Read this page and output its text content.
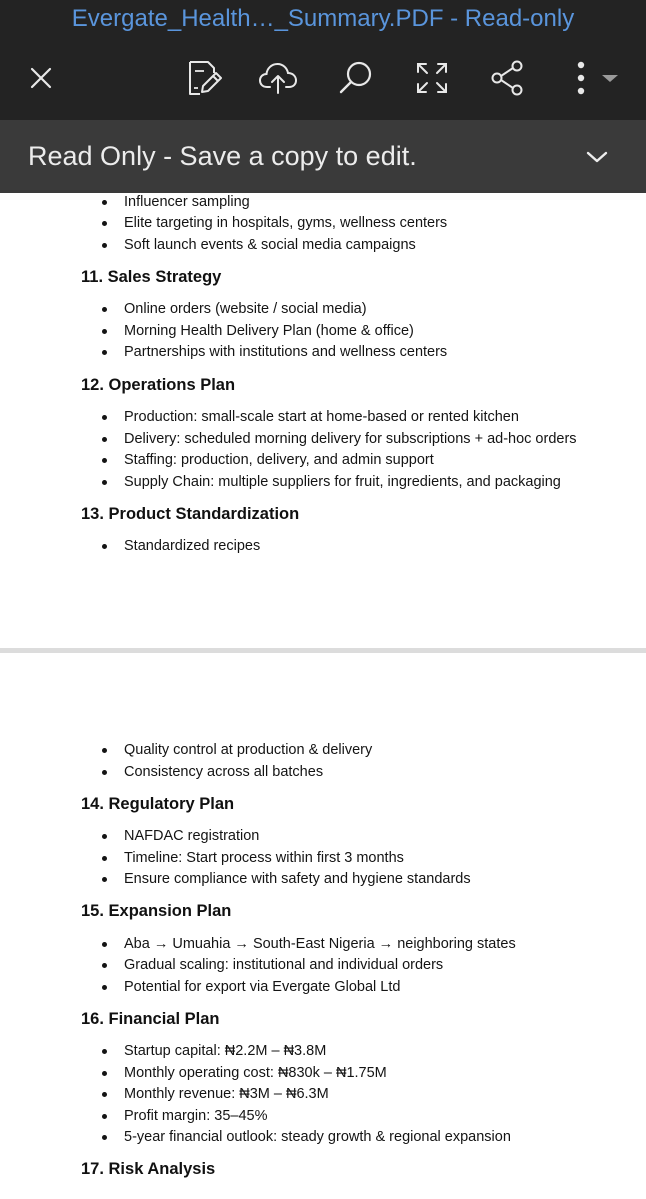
Influencer sampling
Elite targeting in hospitals, gyms, wellness centers
Soft launch events & social media campaigns
11. Sales Strategy
Online orders (website / social media)
Morning Health Delivery Plan (home & office)
Partnerships with institutions and wellness centers
12. Operations Plan
Production: small-scale start at home-based or rented kitchen
Delivery: scheduled morning delivery for subscriptions + ad-hoc orders
Staffing: production, delivery, and admin support
Supply Chain: multiple suppliers for fruit, ingredients, and packaging
13. Product Standardization
Standardized recipes
Quality control at production & delivery
Consistency across all batches
14. Regulatory Plan
NAFDAC registration
Timeline: Start process within first 3 months
Ensure compliance with safety and hygiene standards
15. Expansion Plan
Aba → Umuahia → South-East Nigeria → neighboring states
Gradual scaling: institutional and individual orders
Potential for export via Evergate Global Ltd
16. Financial Plan
Startup capital: ₦2.2M – ₦3.8M
Monthly operating cost: ₦830k – ₦1.75M
Monthly revenue: ₦3M – ₦6.3M
Profit margin: 35–45%
5-year financial outlook: steady growth & regional expansion
17. Risk Analysis
Evergate_Health…_Summary.PDF - Read-only
Read Only - Save a copy to edit.
